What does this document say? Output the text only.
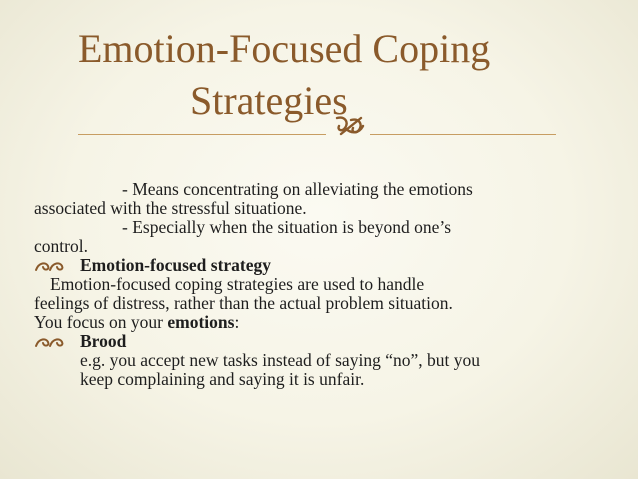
Emotion-Focused Coping
Strategies

- Means concentrating on alleviating the emotions
associated with the stressful situatione.

- Especially when the situation is beyond one’s
control.

Emotion-focused strategy

Emotion-focused coping strategies are used to handle

feelings of distress, rather than the actual problem situation.
You focus on your emotions:

Brood

e.g. you accept new tasks instead of saying “no”, but you
keep complaining and saying it is unfair.
